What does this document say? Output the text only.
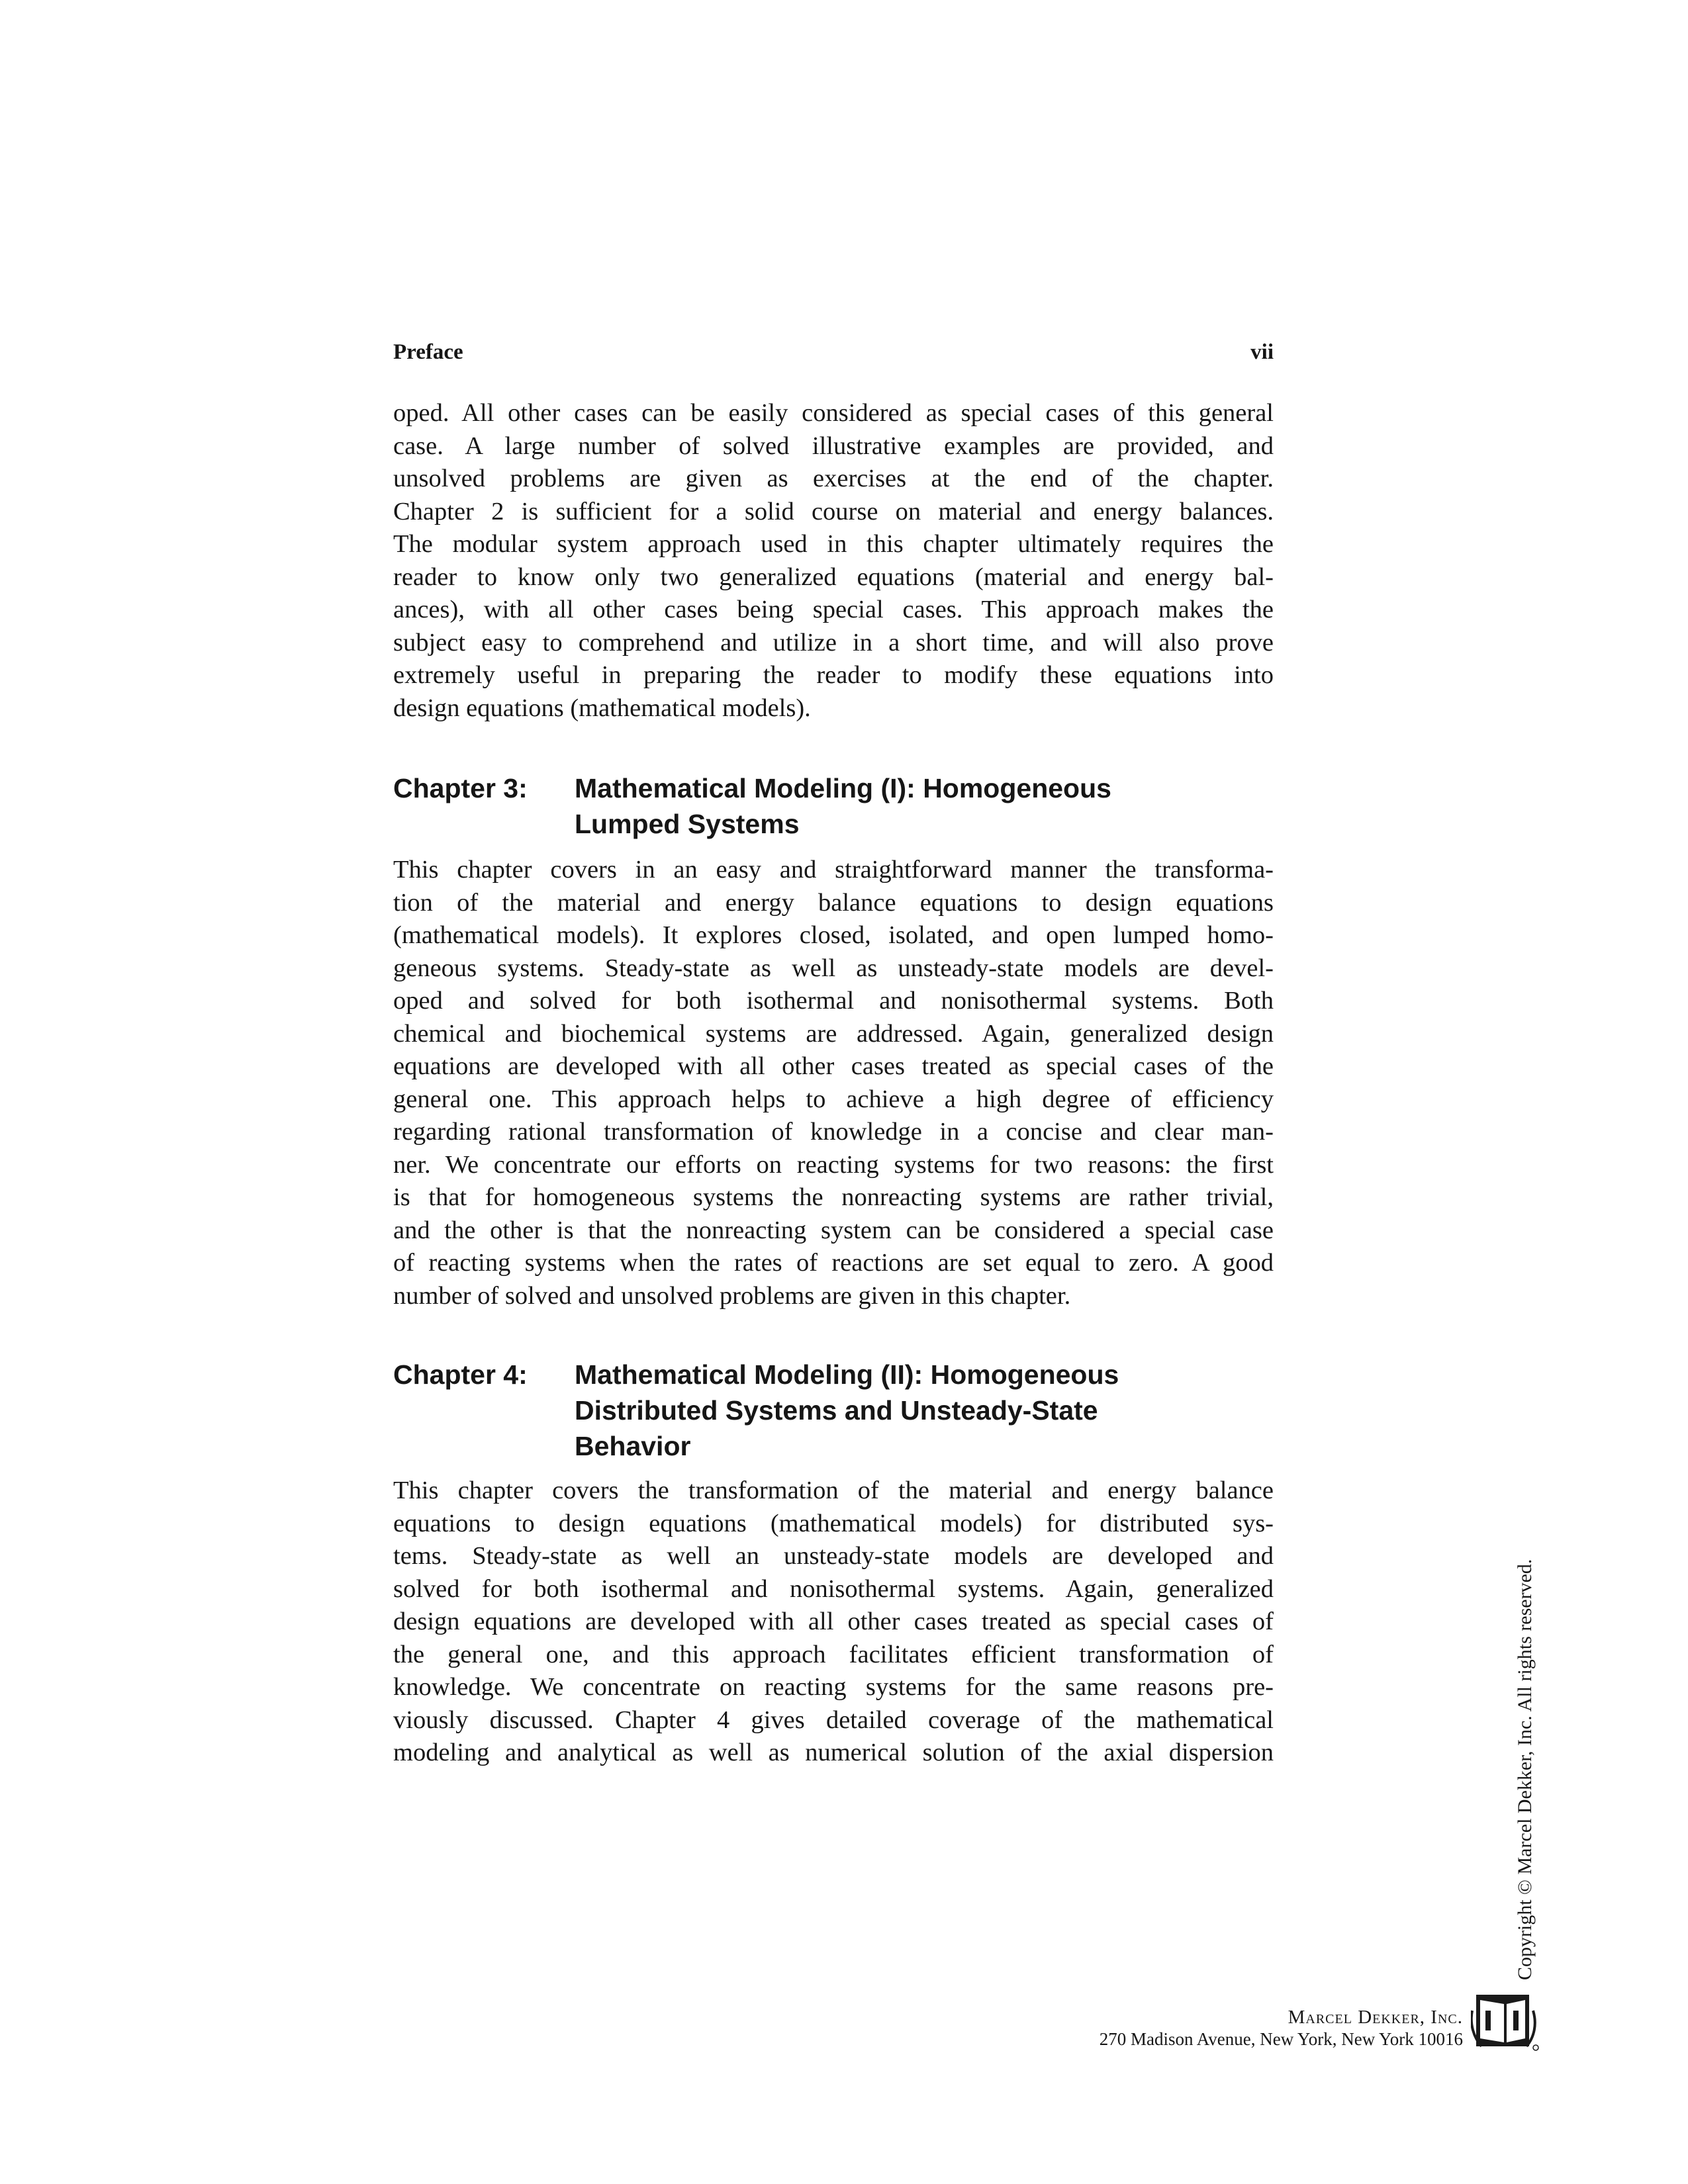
Preface	vii
oped. All other cases can be easily considered as special cases of this general
case. A large number of solved illustrative examples are provided, and
unsolved problems are given as exercises at the end of the chapter.
Chapter 2 is sufficient for a solid course on material and energy balances.
The modular system approach used in this chapter ultimately requires the
reader to know only two generalized equations (material and energy bal-
ances), with all other cases being special cases. This approach makes the
subject easy to comprehend and utilize in a short time, and will also prove
extremely useful in preparing the reader to modify these equations into
design equations (mathematical models).
Chapter 3: Mathematical Modeling (I): Homogeneous
Lumped Systems
This chapter covers in an easy and straightforward manner the transforma-
tion of the material and energy balance equations to design equations
(mathematical models). It explores closed, isolated, and open lumped homo-
geneous systems. Steady-state as well as unsteady-state models are devel-
oped and solved for both isothermal and nonisothermal systems. Both
chemical and biochemical systems are addressed. Again, generalized design
equations are developed with all other cases treated as special cases of the
general one. This approach helps to achieve a high degree of efficiency
regarding rational transformation of knowledge in a concise and clear man-
ner. We concentrate our efforts on reacting systems for two reasons: the first
is that for homogeneous systems the nonreacting systems are rather trivial,
and the other is that the nonreacting system can be considered a special case
of reacting systems when the rates of reactions are set equal to zero. A good
number of solved and unsolved problems are given in this chapter.
Chapter 4: Mathematical Modeling (II): Homogeneous
Distributed Systems and Unsteady-State
Behavior
This chapter covers the transformation of the material and energy balance
equations to design equations (mathematical models) for distributed sys-
tems. Steady-state as well an unsteady-state models are developed and
solved for both isothermal and nonisothermal systems. Again, generalized
design equations are developed with all other cases treated as special cases of
the general one, and this approach facilitates efficient transformation of
knowledge. We concentrate on reacting systems for the same reasons pre-
viously discussed. Chapter 4 gives detailed coverage of the mathematical
modeling and analytical as well as numerical solution of the axial dispersion	Copyright © Marcel Dekker, Inc. All rights reserved.
Marcel Dekker, Inc.
270 Madison Avenue, New York, New York 10016
